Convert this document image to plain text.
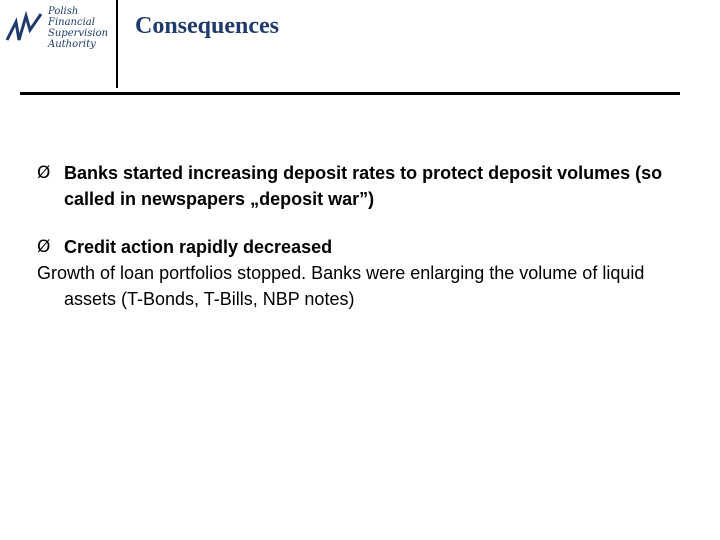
Polish
Financial
Supervision
Authority
Consequences
Ø Banks started increasing deposit rates to protect deposit volumes (so called in newspapers „deposit war”)
Ø Credit action rapidly decreased
Growth of loan portfolios stopped. Banks were enlarging the volume of liquid assets (T-Bonds, T-Bills, NBP notes)
